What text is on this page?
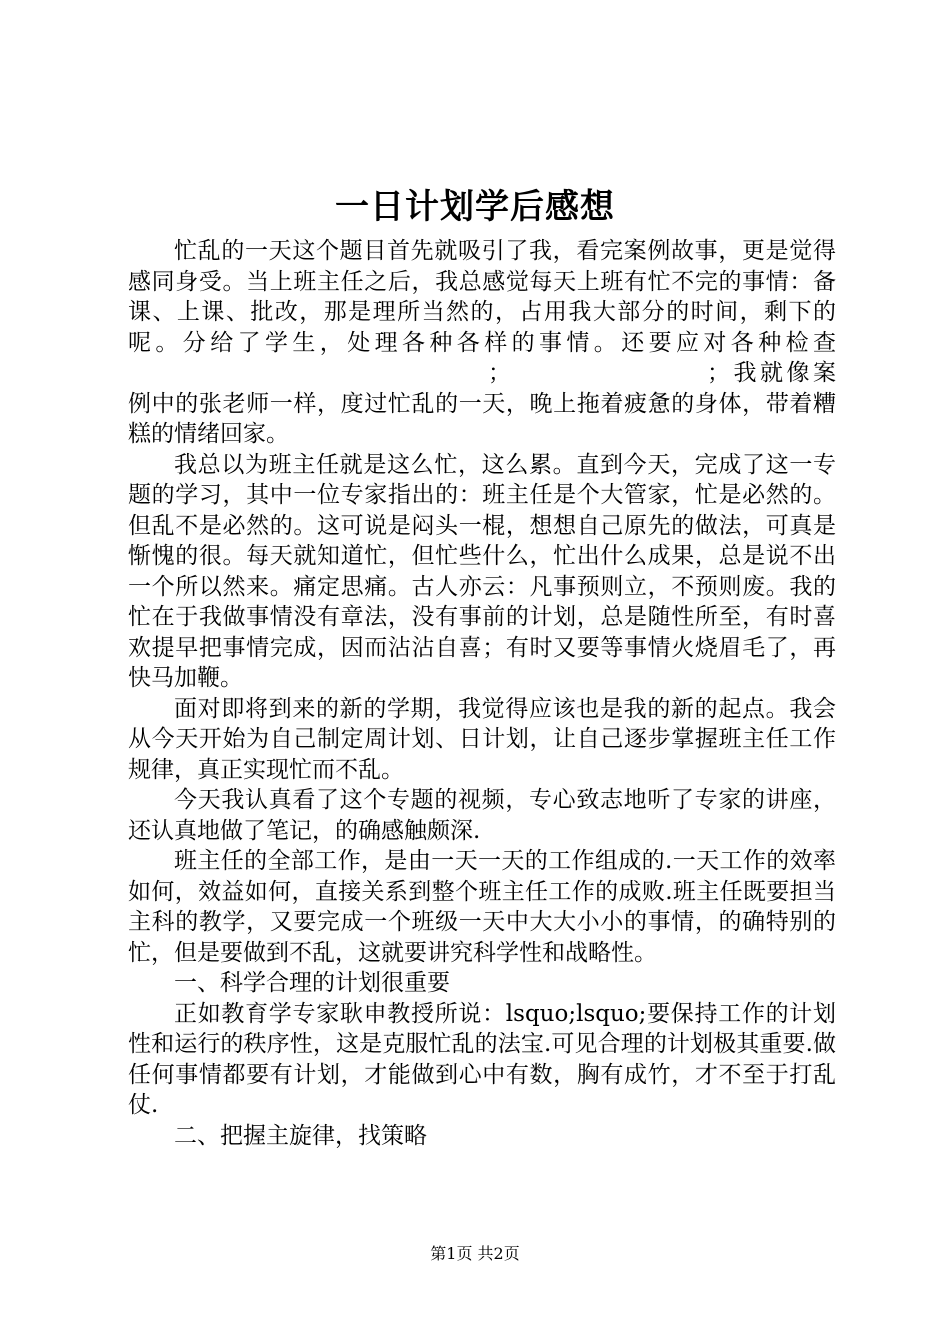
一日计划学后感想

忙乱的一天这个题目首先就吸引了我，看完案例故事，更是觉得感同身受。当上班主任之后，我总感觉每天上班有忙不完的事情：备课、上课、批改，那是理所当然的，占用我大部分的时间，剩下的呢。分给了学生，处理各种各样的事情。还要应对各种检查；	；我就像案例中的张老师一样，度过忙乱的一天，晚上拖着疲惫的身体，带着糟糕的情绪回家。

我总以为班主任就是这么忙，这么累。直到今天，完成了这一专题的学习，其中一位专家指出的：班主任是个大管家，忙是必然的。但乱不是必然的。这可说是闷头一棍，想想自己原先的做法，可真是惭愧的很。每天就知道忙，但忙些什么，忙出什么成果，总是说不出一个所以然来。痛定思痛。古人亦云：凡事预则立，不预则废。我的忙在于我做事情没有章法，没有事前的计划，总是随性所至，有时喜欢提早把事情完成，因而沾沾自喜；有时又要等事情火烧眉毛了，再快马加鞭。

面对即将到来的新的学期，我觉得应该也是我的新的起点。我会从今天开始为自己制定周计划、日计划，让自己逐步掌握班主任工作规律，真正实现忙而不乱。

今天我认真看了这个专题的视频，专心致志地听了专家的讲座，还认真地做了笔记，的确感触颇深.

班主任的全部工作，是由一天一天的工作组成的.一天工作的效率如何，效益如何，直接关系到整个班主任工作的成败.班主任既要担当主科的教学，又要完成一个班级一天中大大小小的事情，的确特别的忙，但是要做到不乱，这就要讲究科学性和战略性。

一、科学合理的计划很重要

正如教育学专家耿申教授所说：lsquo;lsquo;要保持工作的计划性和运行的秩序性，这是克服忙乱的法宝.可见合理的计划极其重要.做任何事情都要有计划，才能做到心中有数，胸有成竹，才不至于打乱仗.

二、把握主旋律，找策略

第1页 共2页
